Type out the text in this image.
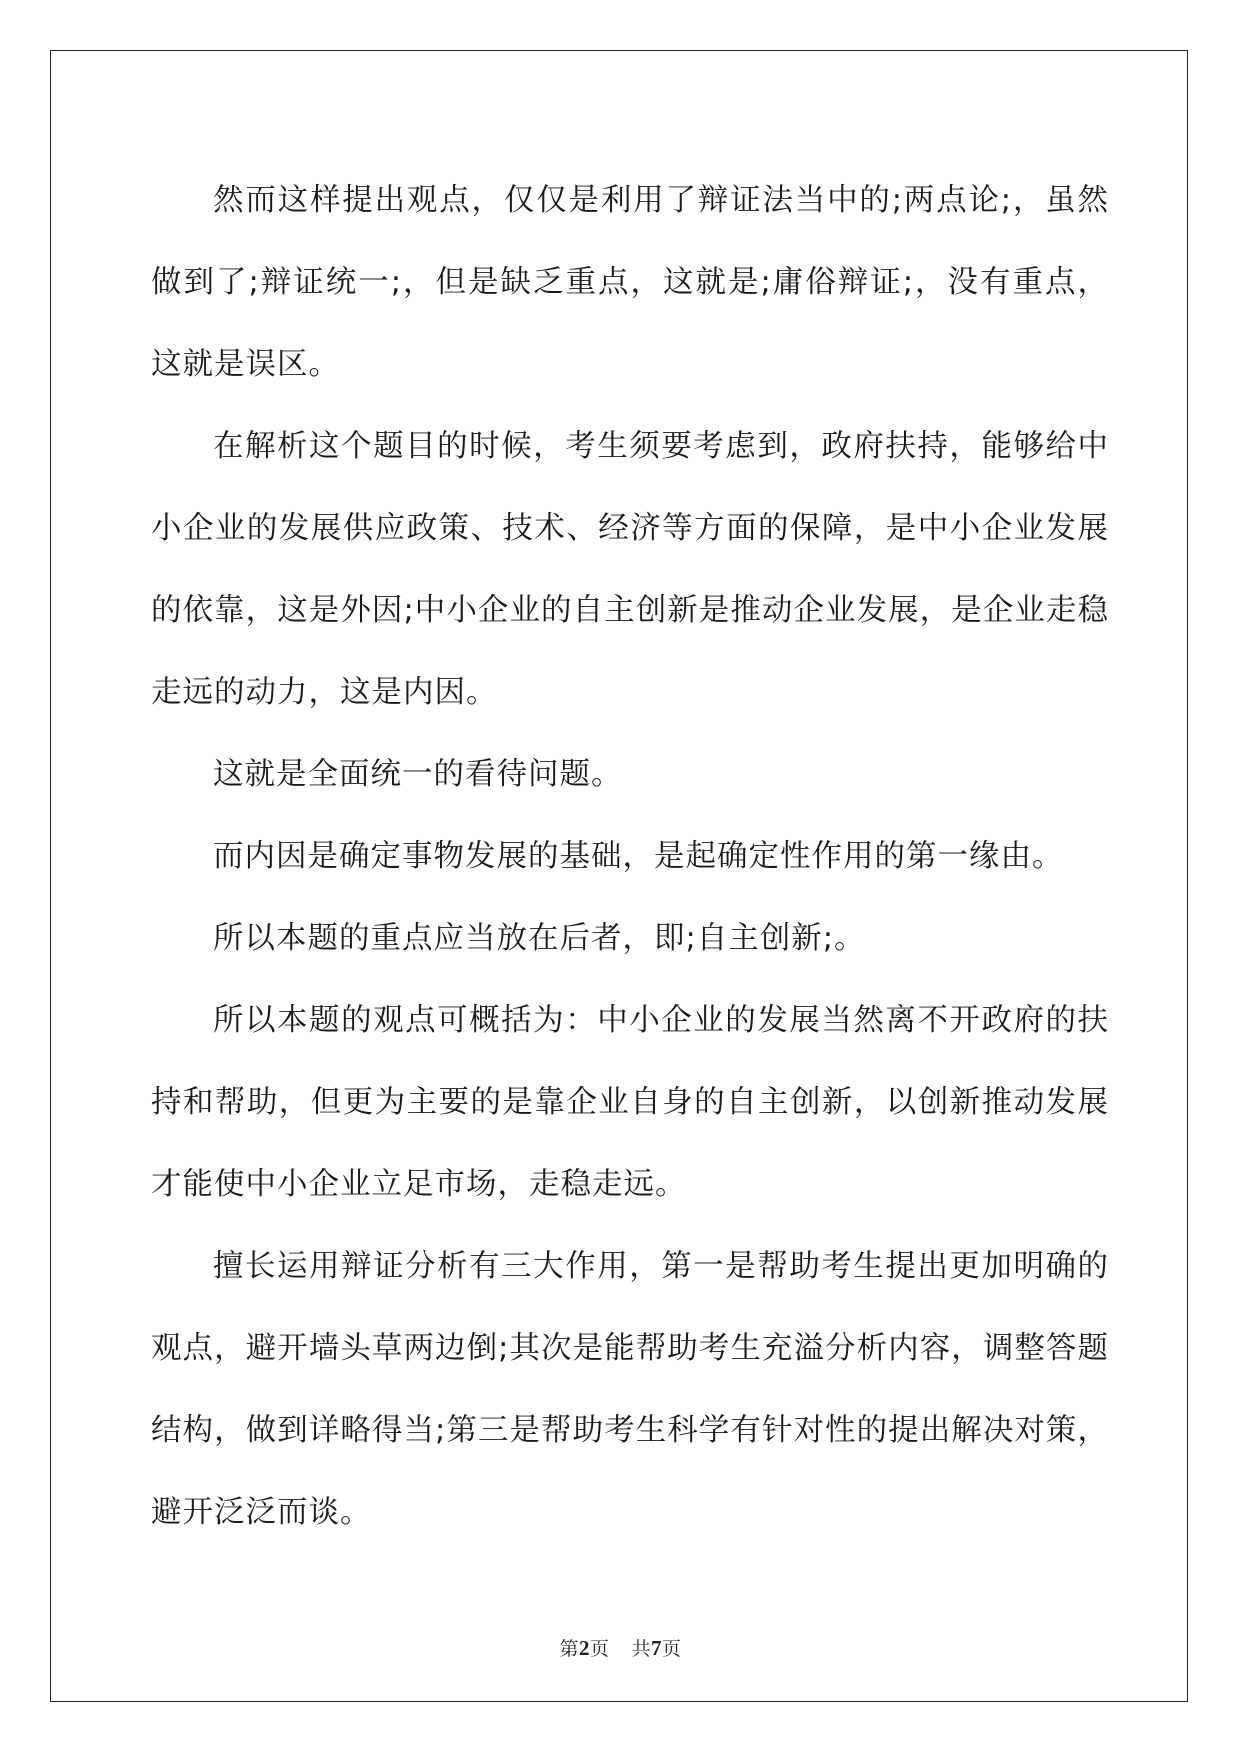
然而这样提出观点，仅仅是利用了辩证法当中的;两点论;，虽然做到了;辩证统一;，但是缺乏重点，这就是;庸俗辩证;，没有重点，这就是误区。

在解析这个题目的时候，考生须要考虑到，政府扶持，能够给中小企业的发展供应政策、技术、经济等方面的保障，是中小企业发展的依靠，这是外因;中小企业的自主创新是推动企业发展，是企业走稳走远的动力，这是内因。

这就是全面统一的看待问题。

而内因是确定事物发展的基础，是起确定性作用的第一缘由。

所以本题的重点应当放在后者，即;自主创新;。

所以本题的观点可概括为：中小企业的发展当然离不开政府的扶持和帮助，但更为主要的是靠企业自身的自主创新，以创新推动发展才能使中小企业立足市场，走稳走远。

擅长运用辩证分析有三大作用，第一是帮助考生提出更加明确的观点，避开墙头草两边倒;其次是能帮助考生充溢分析内容，调整答题结构，做到详略得当;第三是帮助考生科学有针对性的提出解决对策，避开泛泛而谈。

第2页 共7页
